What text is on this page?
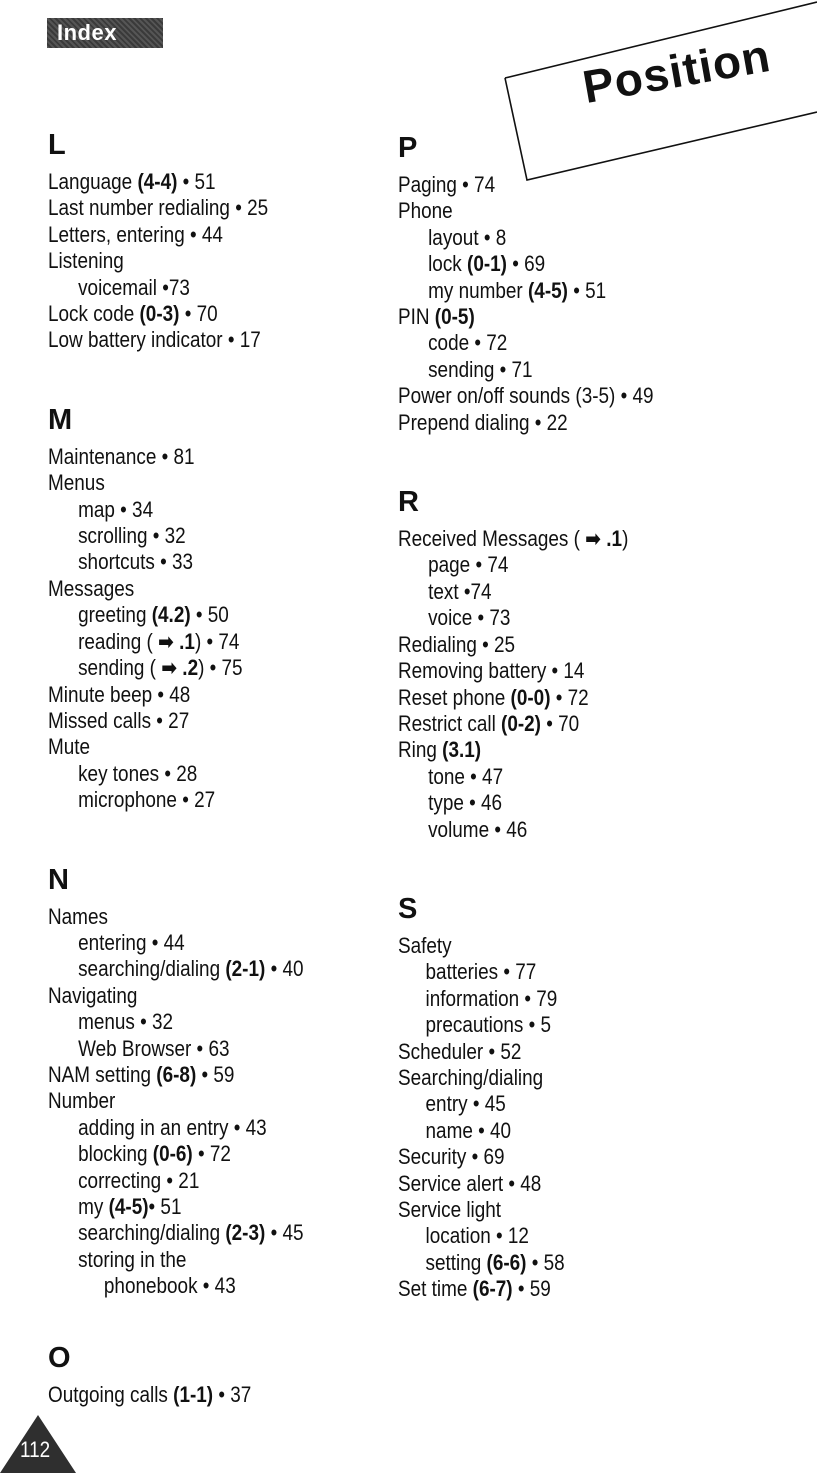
Index	Position
L
Language (4-4) • 51
Last number redialing • 25
Letters, entering • 44
Listening
voicemail •73
Lock code (0-3) • 70
Low battery indicator • 17
M
Maintenance • 81
Menus
map • 34
scrolling • 32
shortcuts • 33
Messages
greeting (4.2) • 50
reading ( ➡ .1) • 74
sending ( ➡ .2) • 75
Minute beep • 48
Missed calls • 27
Mute
key tones • 28
microphone • 27
N
Names
entering • 44
searching/dialing (2-1) • 40
Navigating
menus • 32
Web Browser • 63
NAM setting (6-8) • 59
Number
adding in an entry • 43
blocking (0-6) • 72
correcting • 21
my (4-5)• 51
searching/dialing (2-3) • 45
storing in the
phonebook • 43
O
Outgoing calls (1-1) • 37
P
Paging • 74
Phone
layout • 8
lock (0-1) • 69
my number (4-5) • 51
PIN (0-5)
code • 72
sending • 71
Power on/off sounds (3-5) • 49
Prepend dialing • 22
R
Received Messages ( ➡ .1)
page • 74
text •74
voice • 73
Redialing • 25
Removing battery • 14
Reset phone (0-0) • 72
Restrict call (0-2) • 70
Ring (3.1)
tone • 47
type • 46
volume • 46
S
Safety
batteries • 77
information • 79
precautions • 5
Scheduler • 52
Searching/dialing
entry • 45
name • 40
Security • 69
Service alert • 48
Service light
location • 12
setting (6-6) • 58
Set time (6-7) • 59
112
